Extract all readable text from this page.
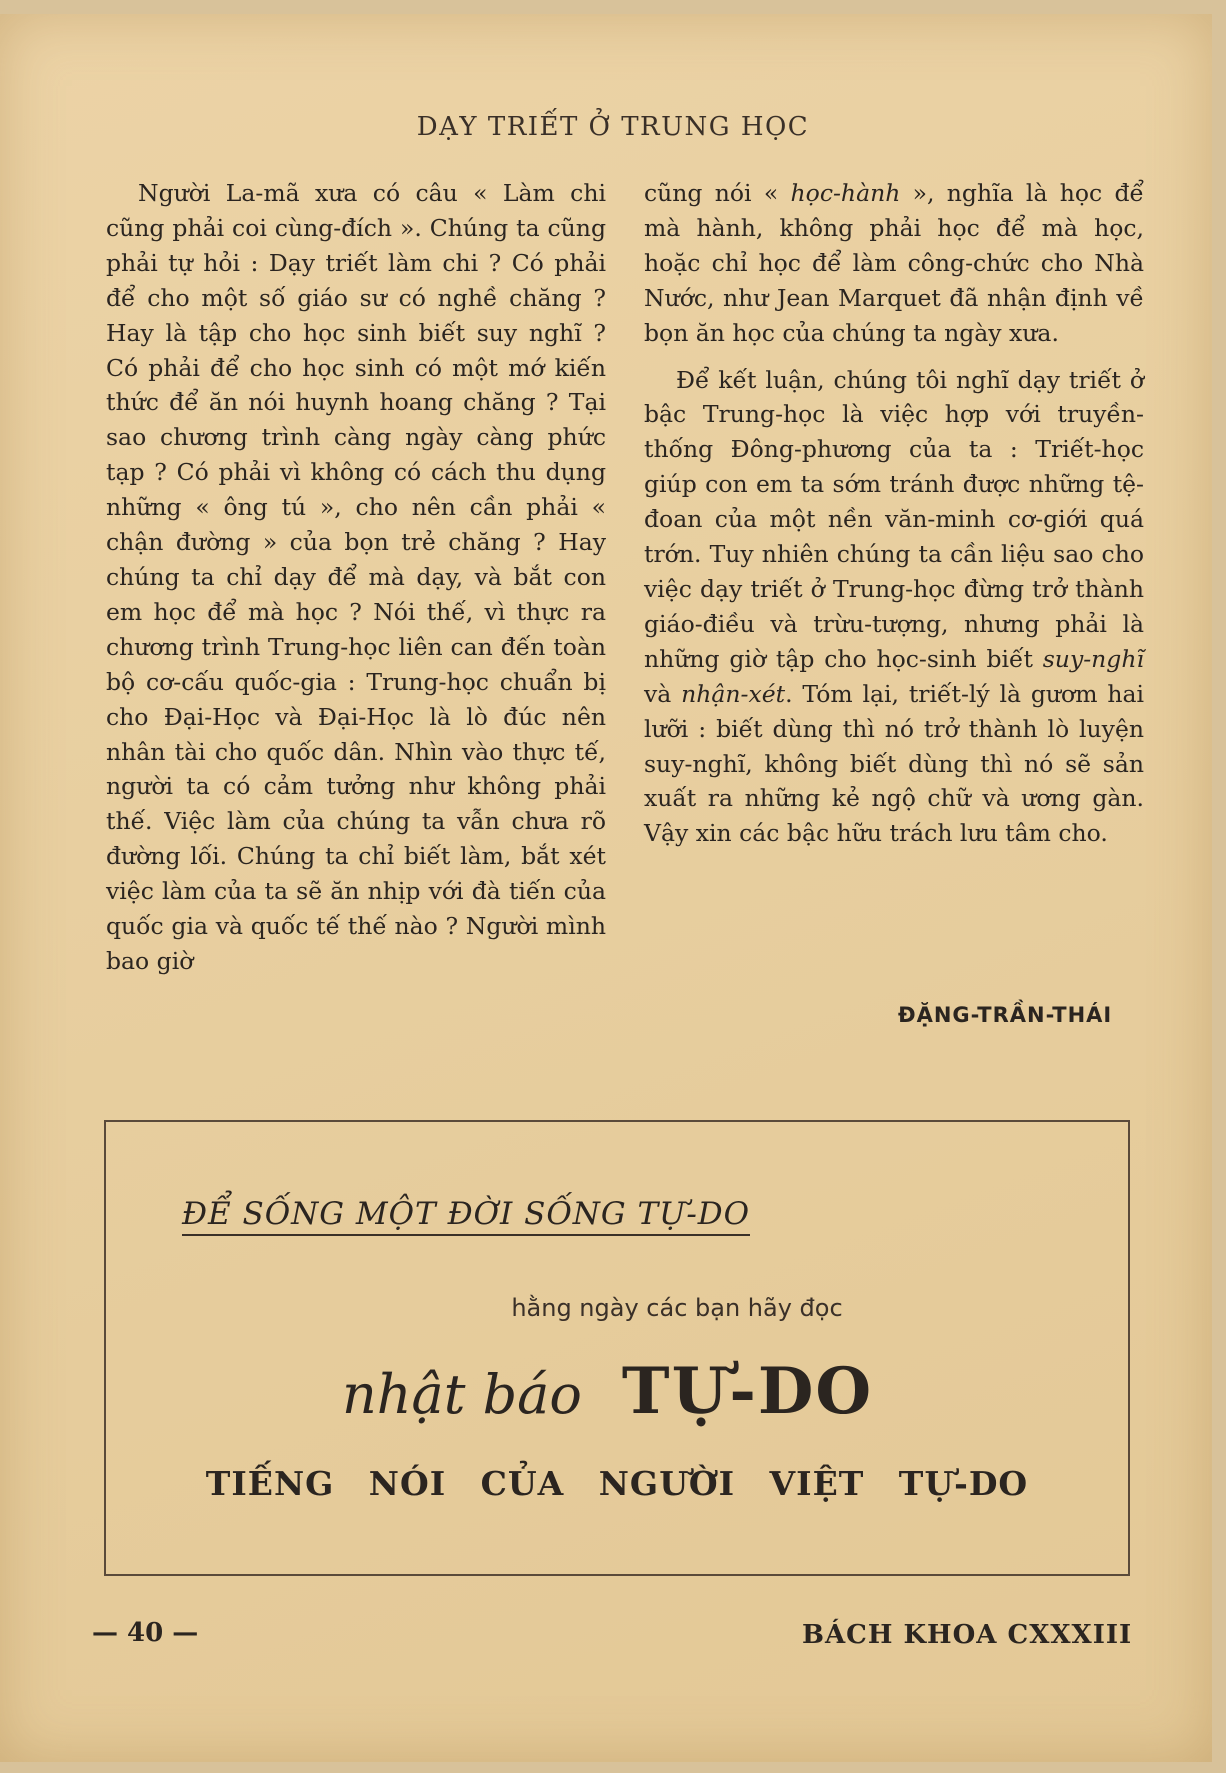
DẠY TRIẾT Ở TRUNG HỌC

Người La-mã xưa có câu « Làm chi cũng phải coi cùng-đích ». Chúng ta cũng phải tự hỏi : Dạy triết làm chi ? Có phải để cho một số giáo sư có nghề chăng ? Hay là tập cho học sinh biết suy nghĩ ? Có phải để cho học sinh có một mớ kiến thức để ăn nói huynh hoang chăng ? Tại sao chương trình càng ngày càng phức tạp ? Có phải vì không có cách thu dụng những « ông tú », cho nên cần phải « chận đường » của bọn trẻ chăng ? Hay chúng ta chỉ dạy để mà dạy, và bắt con em học để mà học ? Nói thế, vì thực ra chương trình Trung-học liên can đến toàn bộ cơ-cấu quốc-gia : Trung-học chuẩn bị cho Đại-Học và Đại-Học là lò đúc nên nhân tài cho quốc dân. Nhìn vào thực tế, người ta có cảm tưởng như không phải thế. Việc làm của chúng ta vẫn chưa rõ đường lối. Chúng ta chỉ biết làm, bắt xét việc làm của ta sẽ ăn nhịp với đà tiến của quốc gia và quốc tế thế nào ? Người mình bao giờ

cũng nói « học-hành », nghĩa là học để mà hành, không phải học để mà học, hoặc chỉ học để làm công-chức cho Nhà Nước, như Jean Marquet đã nhận định về bọn ăn học của chúng ta ngày xưa.

Để kết luận, chúng tôi nghĩ dạy triết ở bậc Trung-học là việc hợp với truyền-thống Đông-phương của ta : Triết-học giúp con em ta sớm tránh được những tệ-đoan của một nền văn-minh cơ-giới quá trớn. Tuy nhiên chúng ta cần liệu sao cho việc dạy triết ở Trung-học đừng trở thành giáo-điều và trừu-tượng, nhưng phải là những giờ tập cho học-sinh biết suy-nghĩ và nhận-xét. Tóm lại, triết-lý là gươm hai lưỡi : biết dùng thì nó trở thành lò luyện suy-nghĩ, không biết dùng thì nó sẽ sản xuất ra những kẻ ngộ chữ và ương gàn. Vậy xin các bậc hữu trách lưu tâm cho.

ĐẶNG-TRẦN-THÁI
ĐỂ SỐNG MỘT ĐỜI SỐNG TỰ-DO
hằng ngày các bạn hãy đọc
nhật báo TỰ-DO
TIẾNG NÓI CỦA NGƯỜI VIỆT TỰ-DO
— 40 —	BÁCH KHOA CXXXIII
